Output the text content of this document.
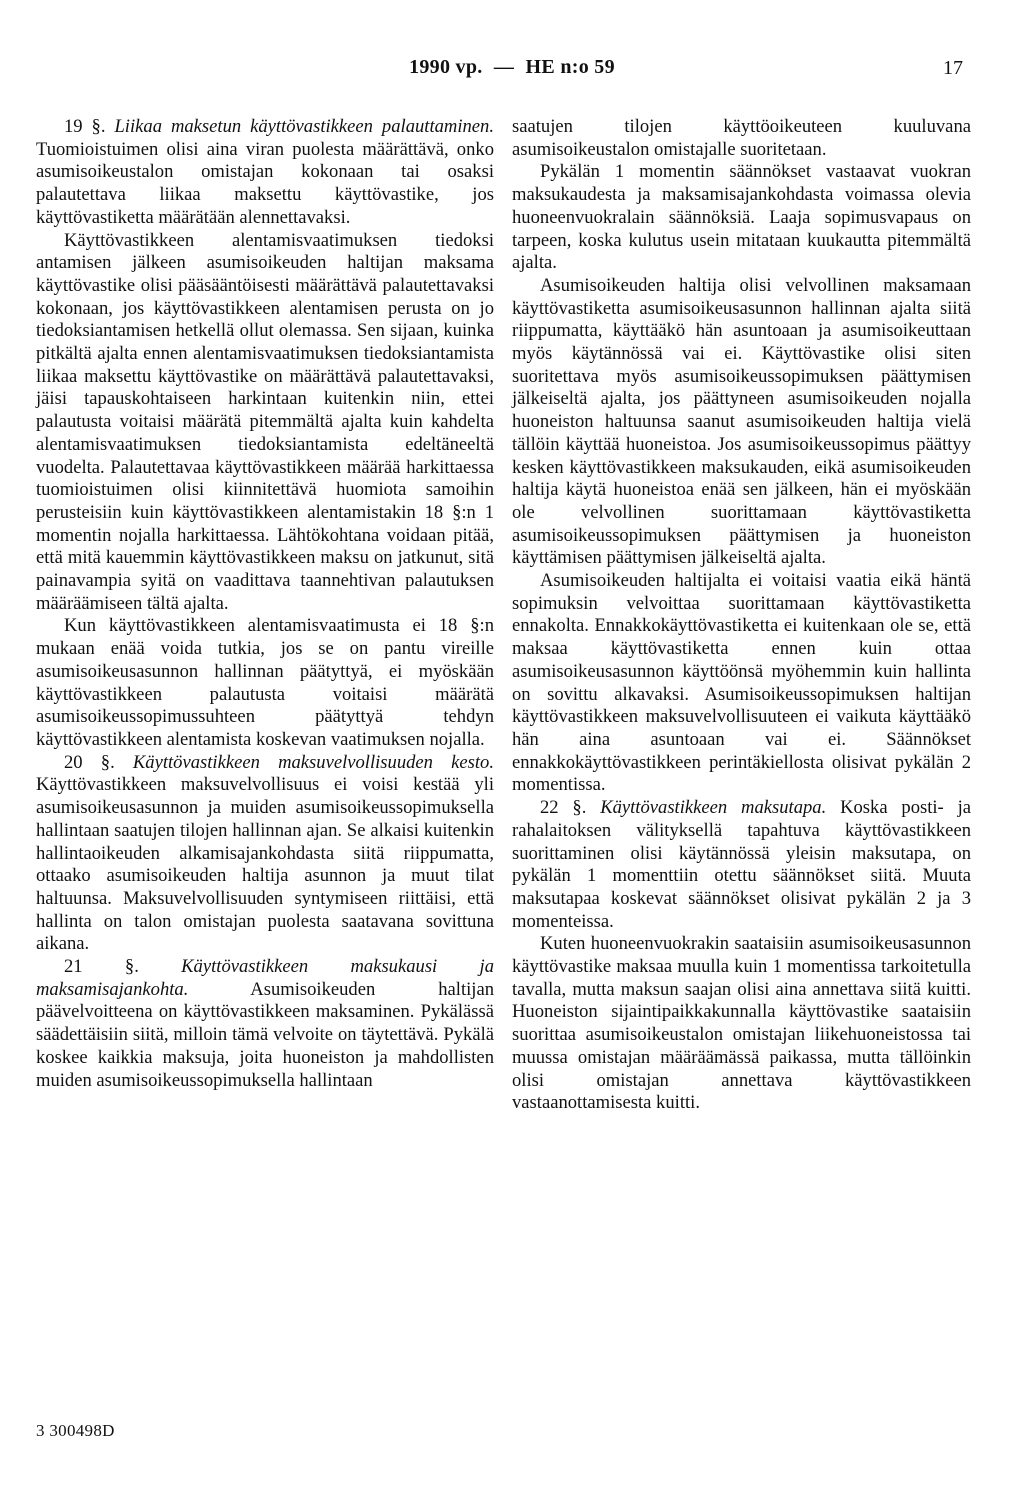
1990 vp. — HE n:o 59	17

19 §. Liikaa maksetun käyttövastikkeen palauttaminen. Tuomioistuimen olisi aina viran puolesta määrättävä, onko asumisoikeustalon omistajan kokonaan tai osaksi palautettava liikaa maksettu käyttövastike, jos käyttövastiketta määrätään alennettavaksi.

Käyttövastikkeen alentamisvaatimuksen tiedoksi antamisen jälkeen asumisoikeuden haltijan maksama käyttövastike olisi pääsääntöisesti määrättävä palautettavaksi kokonaan, jos käyttövastikkeen alentamisen perusta on jo tiedoksiantamisen hetkellä ollut olemassa. Sen sijaan, kuinka pitkältä ajalta ennen alentamisvaatimuksen tiedoksiantamista liikaa maksettu käyttövastike on määrättävä palautettavaksi, jäisi tapauskohtaiseen harkintaan kuitenkin niin, ettei palautusta voitaisi määrätä pitemmältä ajalta kuin kahdelta alentamisvaatimuksen tiedoksiantamista edeltäneeltä vuodelta. Palautettavaa käyttövastikkeen määrää harkittaessa tuomioistuimen olisi kiinnitettävä huomiota samoihin perusteisiin kuin käyttövastikkeen alentamistakin 18 §:n 1 momentin nojalla harkittaessa. Lähtökohtana voidaan pitää, että mitä kauemmin käyttövastikkeen maksu on jatkunut, sitä painavampia syitä on vaadittava taannehtivan palautuksen määräämiseen tältä ajalta.

Kun käyttövastikkeen alentamisvaatimusta ei 18 §:n mukaan enää voida tutkia, jos se on pantu vireille asumisoikeusasunnon hallinnan päätyttyä, ei myöskään käyttövastikkeen palautusta voitaisi määrätä asumisoikeussopimussuhteen päätyttyä tehdyn käyttövastikkeen alentamista koskevan vaatimuksen nojalla.

20 §. Käyttövastikkeen maksuvelvollisuuden kesto. Käyttövastikkeen maksuvelvollisuus ei voisi kestää yli asumisoikeusasunnon ja muiden asumisoikeussopimuksella hallintaan saatujen tilojen hallinnan ajan. Se alkaisi kuitenkin hallintaoikeuden alkamisajankohdasta siitä riippumatta, ottaako asumisoikeuden haltija asunnon ja muut tilat haltuunsa. Maksuvelvollisuuden syntymiseen riittäisi, että hallinta on talon omistajan puolesta saatavana sovittuna aikana.

21 §. Käyttövastikkeen maksukausi ja maksamisajankohta.	Asumisoikeuden haltijan päävelvoitteena on käyttövastikkeen maksaminen. Pykälässä säädettäisiin siitä, milloin tämä velvoite on täytettävä. Pykälä koskee kaikkia maksuja, joita huoneiston ja mahdollisten muiden asumisoikeussopimuksella hallintaan

saatujen tilojen käyttöoikeuteen kuuluvana asumisoikeustalon omistajalle suoritetaan.

Pykälän 1 momentin säännökset vastaavat vuokran maksukaudesta ja maksamisajankohdasta voimassa olevia huoneenvuokralain säännöksiä. Laaja sopimusvapaus on tarpeen, koska kulutus usein mitataan kuukautta pitemmältä ajalta.

Asumisoikeuden haltija olisi velvollinen maksamaan käyttövastiketta asumisoikeusasunnon hallinnan ajalta siitä riippumatta, käyttääkö hän asuntoaan ja asumisoikeuttaan myös käytännössä vai ei. Käyttövastike olisi siten suoritettava myös asumisoikeussopimuksen päättymisen jälkeiseltä ajalta, jos päättyneen asumisoikeuden nojalla huoneiston haltuunsa saanut asumisoikeuden haltija vielä tällöin käyttää huoneistoa. Jos asumisoikeussopimus päättyy kesken käyttövastikkeen maksukauden, eikä asumisoikeuden haltija käytä huoneistoa enää sen jälkeen, hän ei myöskään ole velvollinen suorittamaan käyttövastiketta asumisoikeussopimuksen päättymisen ja huoneiston käyttämisen päättymisen jälkeiseltä ajalta.

Asumisoikeuden haltijalta ei voitaisi vaatia eikä häntä sopimuksin velvoittaa suorittamaan käyttövastiketta ennakolta. Ennakkokäyttövastiketta ei kuitenkaan ole se, että maksaa käyttövastiketta ennen kuin ottaa asumisoikeusasunnon käyttöönsä myöhemmin kuin hallinta on sovittu alkavaksi. Asumisoikeussopimuksen haltijan käyttövastikkeen maksuvelvollisuuteen ei vaikuta käyttääkö hän aina asuntoaan vai ei. Säännökset ennakkokäyttövastikkeen perintäkiellosta olisivat pykälän 2 momentissa.

22 §. Käyttövastikkeen maksutapa. Koska posti- ja rahalaitoksen välityksellä tapahtuva käyttövastikkeen suorittaminen olisi käytännössä yleisin maksutapa, on pykälän 1 momenttiin otettu säännökset siitä. Muuta maksutapaa koskevat säännökset olisivat pykälän 2 ja 3 momenteissa.

Kuten huoneenvuokrakin saataisiin asumisoikeusasunnon käyttövastike maksaa muulla kuin 1 momentissa tarkoitetulla tavalla, mutta maksun saajan olisi aina annettava siitä kuitti. Huoneiston sijaintipaikkakunnalla käyttövastike saataisiin suorittaa asumisoikeustalon omistajan liikehuoneistossa tai muussa omistajan määräämässä paikassa, mutta tällöinkin olisi omistajan annettava käyttövastikkeen vastaanottamisesta kuitti.

3 300498D
